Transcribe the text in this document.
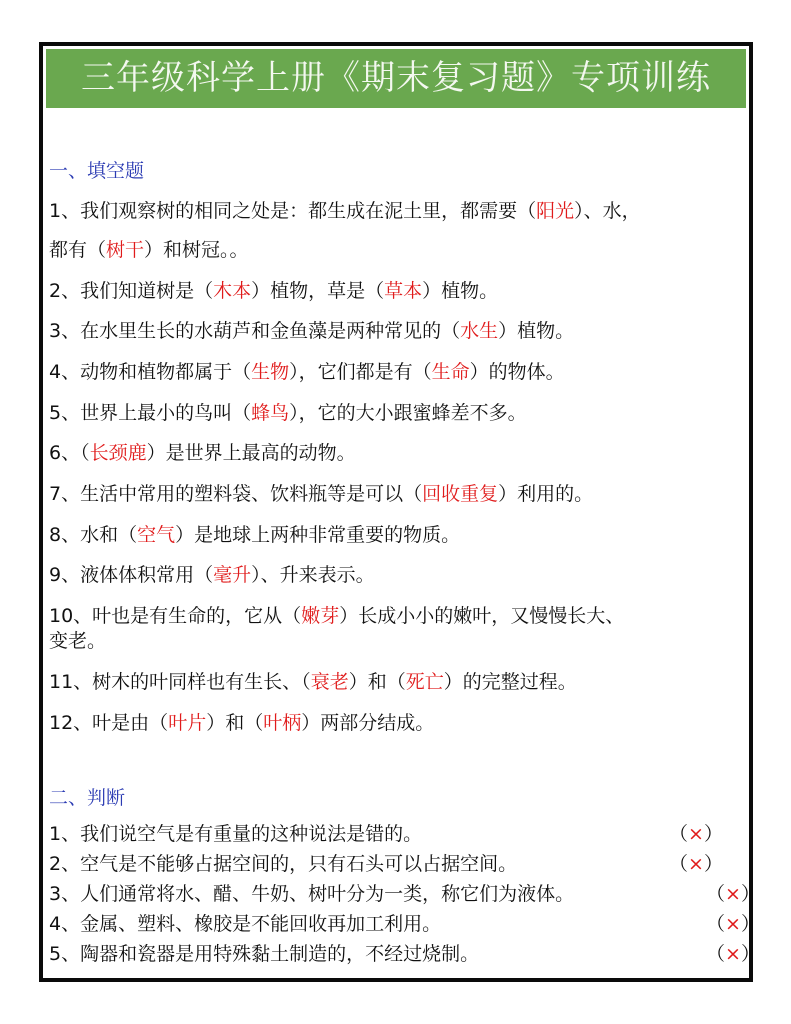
三年级科学上册《期末复习题》专项训练
一、填空题
1、我们观察树的相同之处是：都生成在泥土里，都需要（阳光）、水，
都有（树干）和树冠。。
2、我们知道树是（木本）植物，草是（草本）植物。
3、在水里生长的水葫芦和金鱼藻是两种常见的（水生）植物。
4、动物和植物都属于（生物），它们都是有（生命）的物体。
5、世界上最小的鸟叫（蜂鸟），它的大小跟蜜蜂差不多。
6、（长颈鹿）是世界上最高的动物。
7、生活中常用的塑料袋、饮料瓶等是可以（回收重复）利用的。
8、水和（空气）是地球上两种非常重要的物质。
9、液体体积常用（毫升）、升来表示。
10、叶也是有生命的，它从（嫩芽）长成小小的嫩叶，又慢慢长大、
变老。
11、树木的叶同样也有生长、（衰老）和（死亡）的完整过程。
12、叶是由（叶片）和（叶柄）两部分结成。
二、判断
1、我们说空气是有重量的这种说法是错的。	（×）
2、空气是不能够占据空间的，只有石头可以占据空间。	（×）
3、人们通常将水、醋、牛奶、树叶分为一类，称它们为液体。	（×）
4、金属、塑料、橡胶是不能回收再加工利用。	（×）
5、陶器和瓷器是用特殊黏土制造的，不经过烧制。	（×）
